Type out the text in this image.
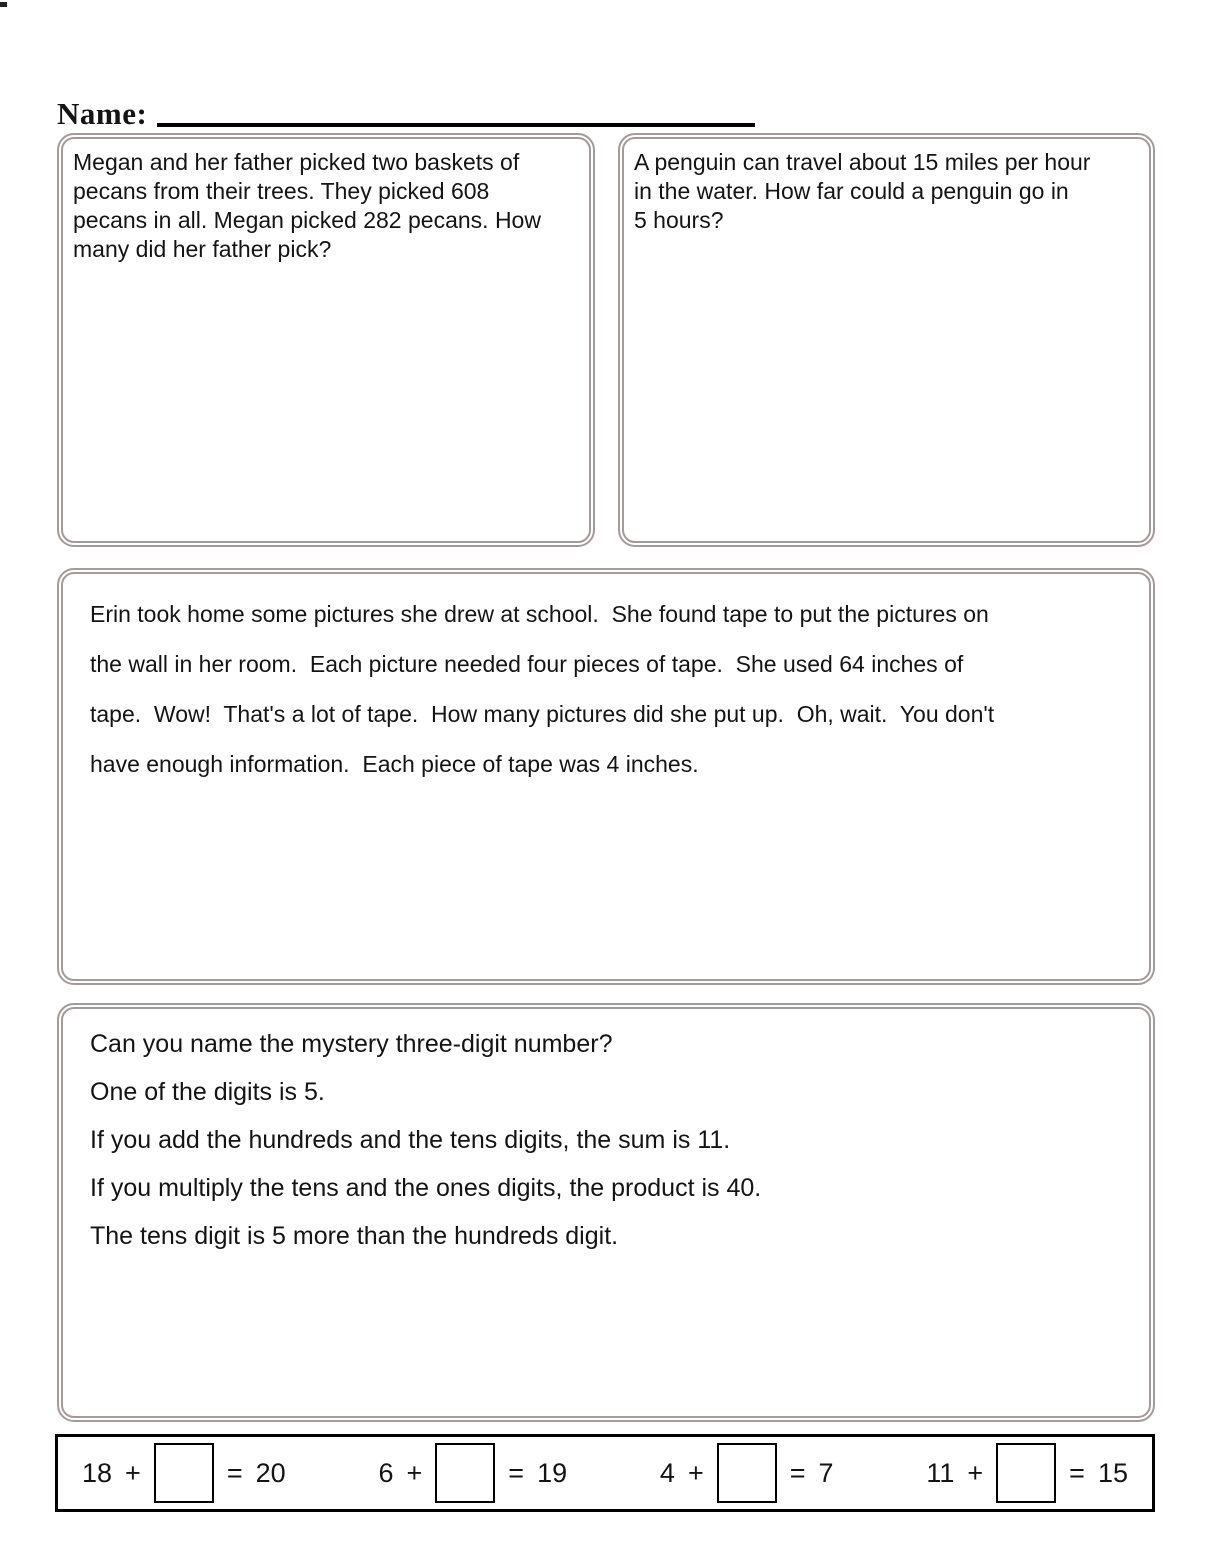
Name:
Megan and her father picked two baskets of
pecans from their trees. They picked 608
pecans in all. Megan picked 282 pecans. How
many did her father pick?
A penguin can travel about 15 miles per hour
in the water. How far could a penguin go in
5 hours?
Erin took home some pictures she drew at school.  She found tape to put the pictures on
the wall in her room.  Each picture needed four pieces of tape.  She used 64 inches of
tape.  Wow!  That's a lot of tape.  How many pictures did she put up.  Oh, wait.  You don't
have enough information.  Each piece of tape was 4 inches.
Can you name the mystery three-digit number?
One of the digits is 5.
If you add the hundreds and the tens digits, the sum is 11.
If you multiply the tens and the ones digits, the product is 40.
The tens digit is 5 more than the hundreds digit.
18 +	= 20	6 +	= 19	4 +	= 7	11 +	= 15
